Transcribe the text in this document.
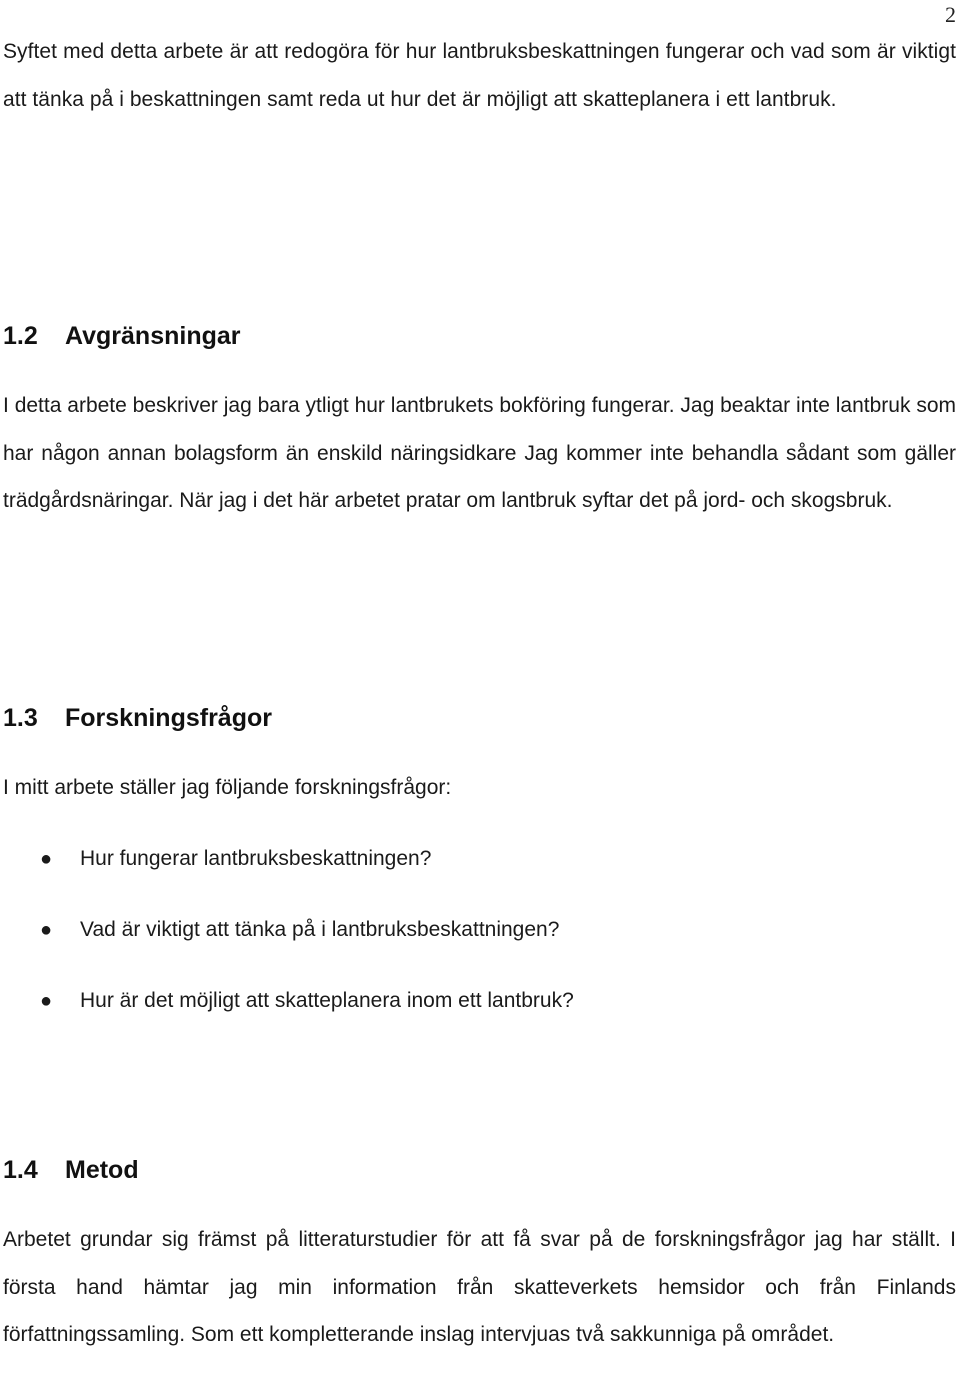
2

Syftet med detta arbete är att redogöra för hur lantbruksbeskattningen fungerar och vad som är viktigt att tänka på i beskattningen samt reda ut hur det är möjligt att skatteplanera i ett lantbruk.

1.2 Avgränsningar

I detta arbete beskriver jag bara ytligt hur lantbrukets bokföring fungerar. Jag beaktar inte lantbruk som har någon annan bolagsform än enskild näringsidkare Jag kommer inte behandla sådant som gäller trädgårdsnäringar. När jag i det här arbetet pratar om lantbruk syftar det på jord- och skogsbruk.

1.3 Forskningsfrågor

I mitt arbete ställer jag följande forskningsfrågor:

●	Hur fungerar lantbruksbeskattningen?
●	Vad är viktigt att tänka på i lantbruksbeskattningen?
●	Hur är det möjligt att skatteplanera inom ett lantbruk?
1.4 Metod

Arbetet grundar sig främst på litteraturstudier för att få svar på de forskningsfrågor jag har ställt. I första hand hämtar jag min information från skatteverkets hemsidor och från Finlands författningssamling. Som ett kompletterande inslag intervjuas två sakkunniga på området.
